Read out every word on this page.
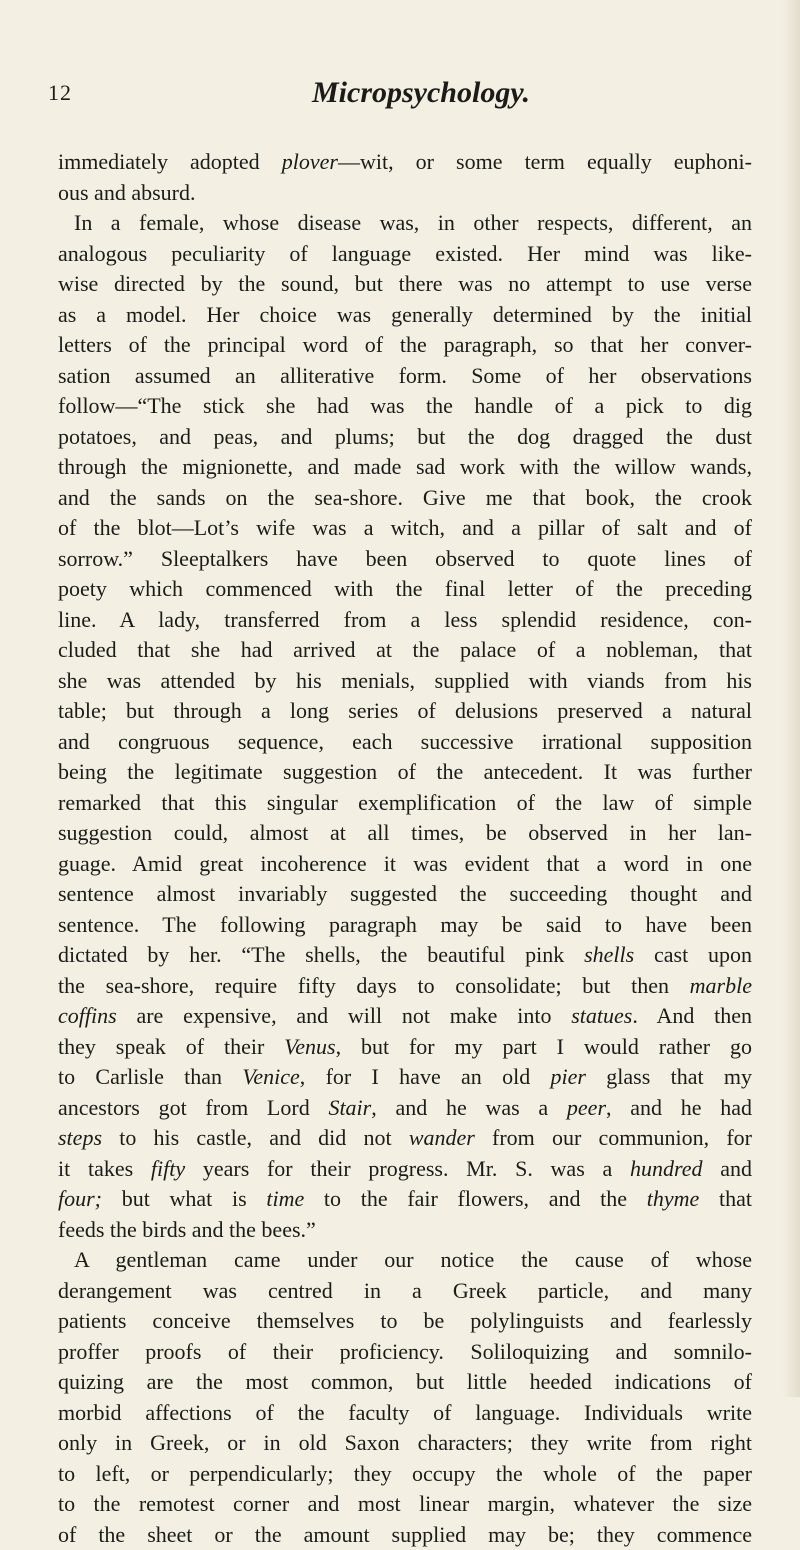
12	Micropsychology.
immediately adopted plover—wit, or some term equally euphoni-
ous and absurd.
In a female, whose disease was, in other respects, different, an
analogous peculiarity of language existed. Her mind was like-
wise directed by the sound, but there was no attempt to use verse
as a model. Her choice was generally determined by the initial
letters of the principal word of the paragraph, so that her conver-
sation assumed an alliterative form. Some of her observations
follow—“The stick she had was the handle of a pick to dig
potatoes, and peas, and plums; but the dog dragged the dust
through the mignionette, and made sad work with the willow wands,
and the sands on the sea-shore. Give me that book, the crook
of the blot—Lot’s wife was a witch, and a pillar of salt and of
sorrow.” Sleeptalkers have been observed to quote lines of
poety which commenced with the final letter of the preceding
line. A lady, transferred from a less splendid residence, con-
cluded that she had arrived at the palace of a nobleman, that
she was attended by his menials, supplied with viands from his
table; but through a long series of delusions preserved a natural
and congruous sequence, each successive irrational supposition
being the legitimate suggestion of the antecedent. It was further
remarked that this singular exemplification of the law of simple
suggestion could, almost at all times, be observed in her lan-
guage. Amid great incoherence it was evident that a word in one
sentence almost invariably suggested the succeeding thought and
sentence. The following paragraph may be said to have been
dictated by her. “The shells, the beautiful pink shells cast upon
the sea-shore, require fifty days to consolidate; but then marble
coffins are expensive, and will not make into statues. And then
they speak of their Venus, but for my part I would rather go
to Carlisle than Venice, for I have an old pier glass that my
ancestors got from Lord Stair, and he was a peer, and he had
steps to his castle, and did not wander from our communion, for
it takes fifty years for their progress. Mr. S. was a hundred and
four; but what is time to the fair flowers, and the thyme that
feeds the birds and the bees.”
A gentleman came under our notice the cause of whose
derangement was centred in a Greek particle, and many
patients conceive themselves to be polylinguists and fearlessly
proffer proofs of their proficiency. Soliloquizing and somnilo-
quizing are the most common, but little heeded indications of
morbid affections of the faculty of language. Individuals write
only in Greek, or in old Saxon characters; they write from right
to left, or perpendicularly; they occupy the whole of the paper
to the remotest corner and most linear margin, whatever the size
of the sheet or the amount supplied may be; they commence
